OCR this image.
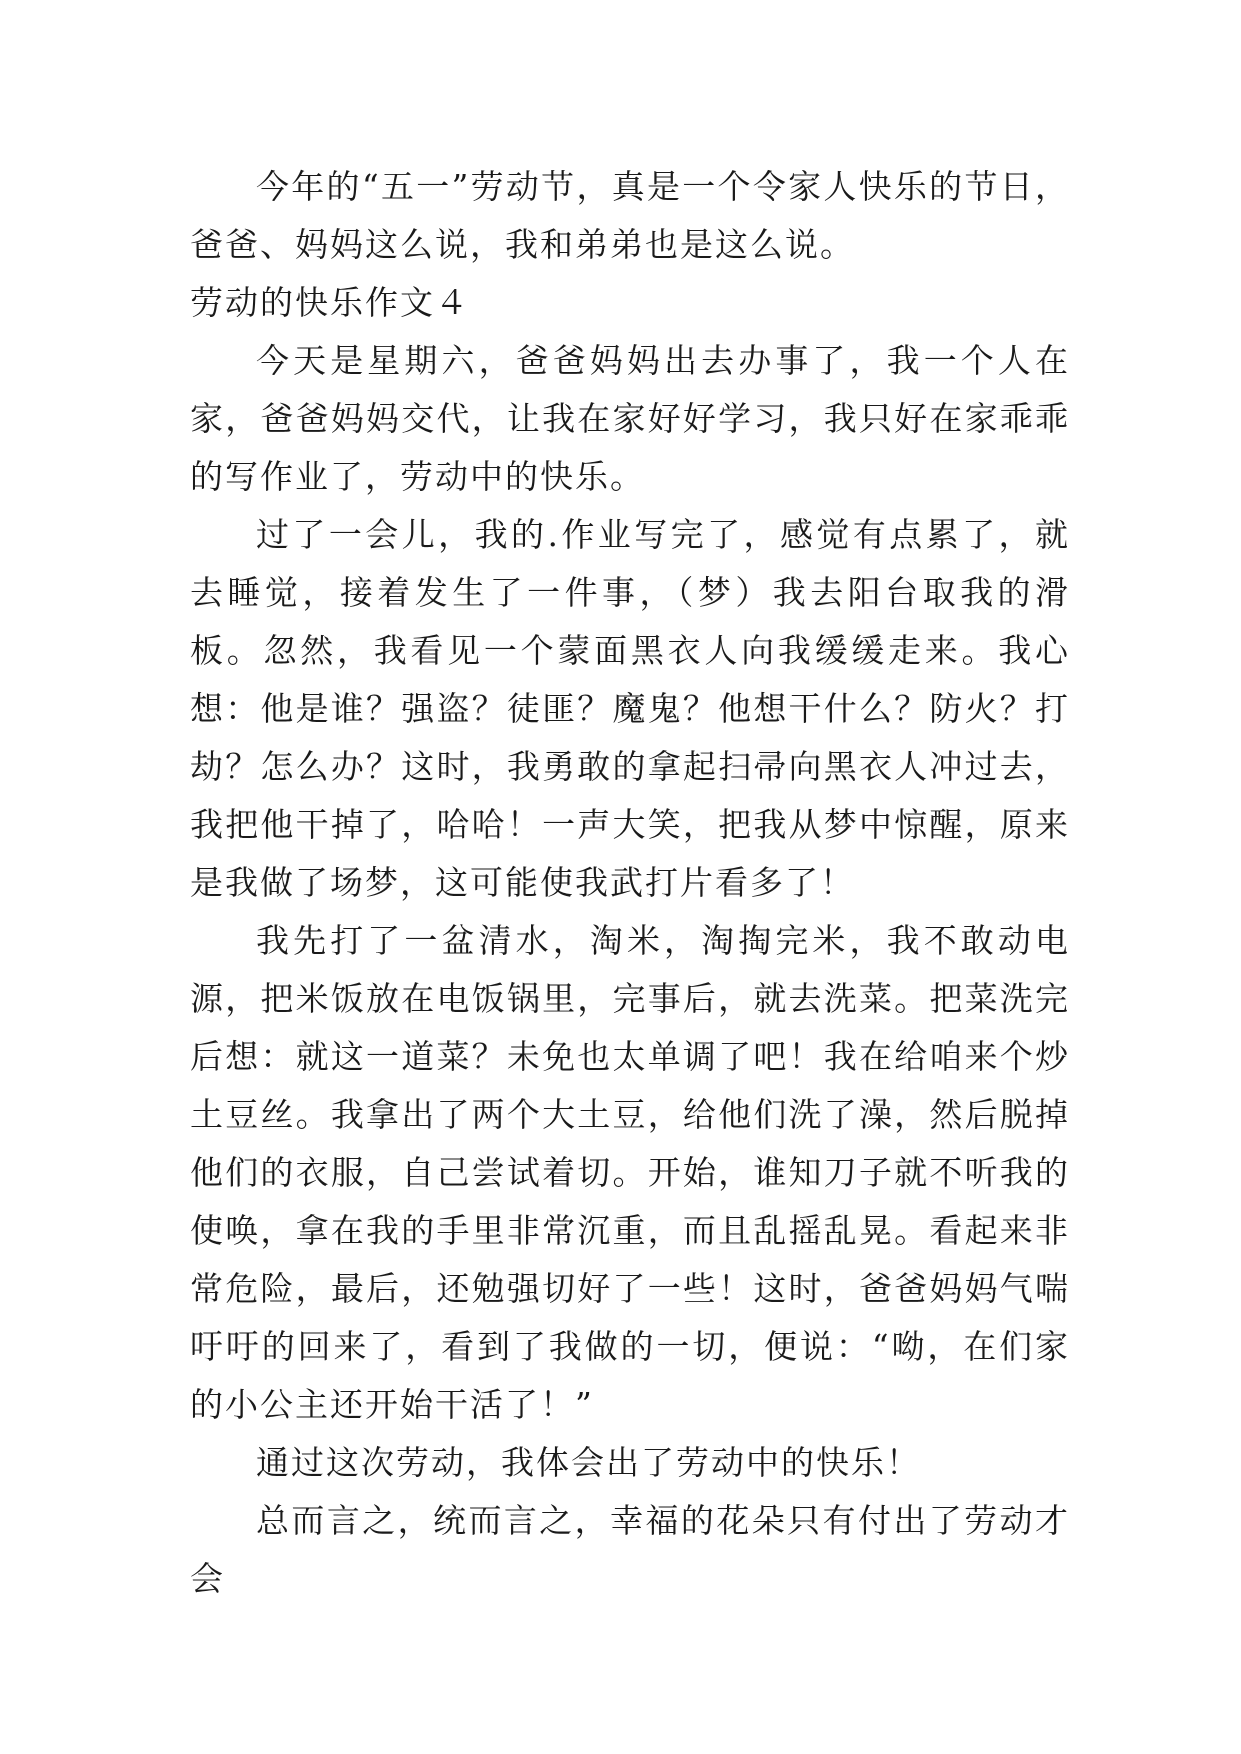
今年的“五一”劳动节，真是一个令家人快乐的节日，爸爸、妈妈这么说，我和弟弟也是这么说。

劳动的快乐作文４

今天是星期六，爸爸妈妈出去办事了，我一个人在家，爸爸妈妈交代，让我在家好好学习，我只好在家乖乖的写作业了，劳动中的快乐。

过了一会儿，我的.作业写完了，感觉有点累了，就去睡觉，接着发生了一件事，（梦）我去阳台取我的滑板。忽然，我看见一个蒙面黑衣人向我缓缓走来。我心想：他是谁？强盗？徒匪？魔鬼？他想干什么？防火？打劫？怎么办？这时，我勇敢的拿起扫帚向黑衣人冲过去，我把他干掉了，哈哈！一声大笑，把我从梦中惊醒，原来是我做了场梦，这可能使我武打片看多了！

我先打了一盆清水，淘米，淘掏完米，我不敢动电源，把米饭放在电饭锅里，完事后，就去洗菜。把菜洗完后想：就这一道菜？未免也太单调了吧！我在给咱来个炒土豆丝。我拿出了两个大土豆，给他们洗了澡，然后脱掉他们的衣服，自己尝试着切。开始，谁知刀子就不听我的使唤，拿在我的手里非常沉重，而且乱摇乱晃。看起来非常危险，最后，还勉强切好了一些！这时，爸爸妈妈气喘吁吁的回来了，看到了我做的一切，便说：“呦，在们家的小公主还开始干活了！”

通过这次劳动，我体会出了劳动中的快乐！

总而言之，统而言之，幸福的花朵只有付出了劳动才会
